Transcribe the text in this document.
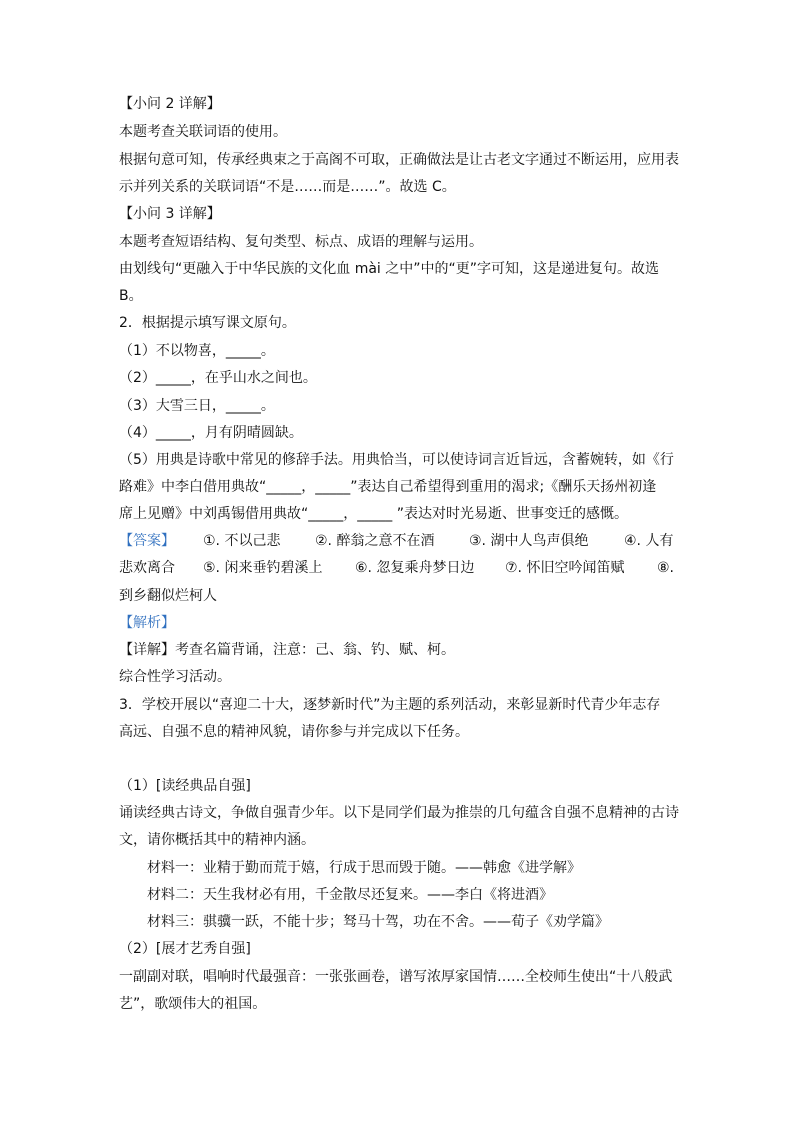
【小问 2 详解】
本题考查关联词语的使用。
根据句意可知，传承经典束之于高阁不可取，正确做法是让古老文字通过不断运用，应用表
示并列关系的关联词语“不是……而是……”。故选 C。
【小问 3 详解】
本题考查短语结构、复句类型、标点、成语的理解与运用。
由划线句“更融入于中华民族的文化血 mài 之中”中的“更”字可知，这是递进复句。故选
B。
2．根据提示填写课文原句。
（1）不以物喜，_____。
（2）_____，在乎山水之间也。
（3）大雪三日，_____。
（4）_____，月有阴晴圆缺。
（5）用典是诗歌中常见的修辞手法。用典恰当，可以使诗词言近旨远，含蓄婉转，如《行
路难》中李白借用典故“_____，_____”表达自己希望得到重用的渴求;《酬乐天扬州初逢
席上见赠》中刘禹锡借用典故“_____，_____ ”表达对时光易逝、世事变迁的感慨。
【答案】 ①. 不以己悲 ②. 醉翁之意不在酒 ③. 湖中人鸟声俱绝	④. 人有
悲欢离合 ⑤. 闲来垂钓碧溪上 ⑥. 忽复乘舟梦日边 ⑦. 怀旧空吟闻笛赋 ⑧.
到乡翻似烂柯人
【解析】
【详解】考查名篇背诵，注意：己、翁、钓、赋、柯。
综合性学习活动。
3．学校开展以“喜迎二十大，逐梦新时代”为主题的系列活动，来彰显新时代青少年志存
高远、自强不息的精神风貌，请你参与并完成以下任务。
（1）[读经典品自强]
诵读经典古诗文，争做自强青少年。以下是同学们最为推崇的几句蕴含自强不息精神的古诗
文，请你概括其中的精神内涵。
材料一：业精于勤而荒于嬉，行成于思而毁于随。——韩愈《进学解》
材料二：天生我材必有用，千金散尽还复来。——李白《将进酒》
材料三：骐骥一跃，不能十步；驽马十驾，功在不舍。——荀子《劝学篇》
（2）[展才艺秀自强]
一副副对联，唱响时代最强音：一张张画卷，谱写浓厚家国情……全校师生使出“十八般武
艺”，歌颂伟大的祖国。
